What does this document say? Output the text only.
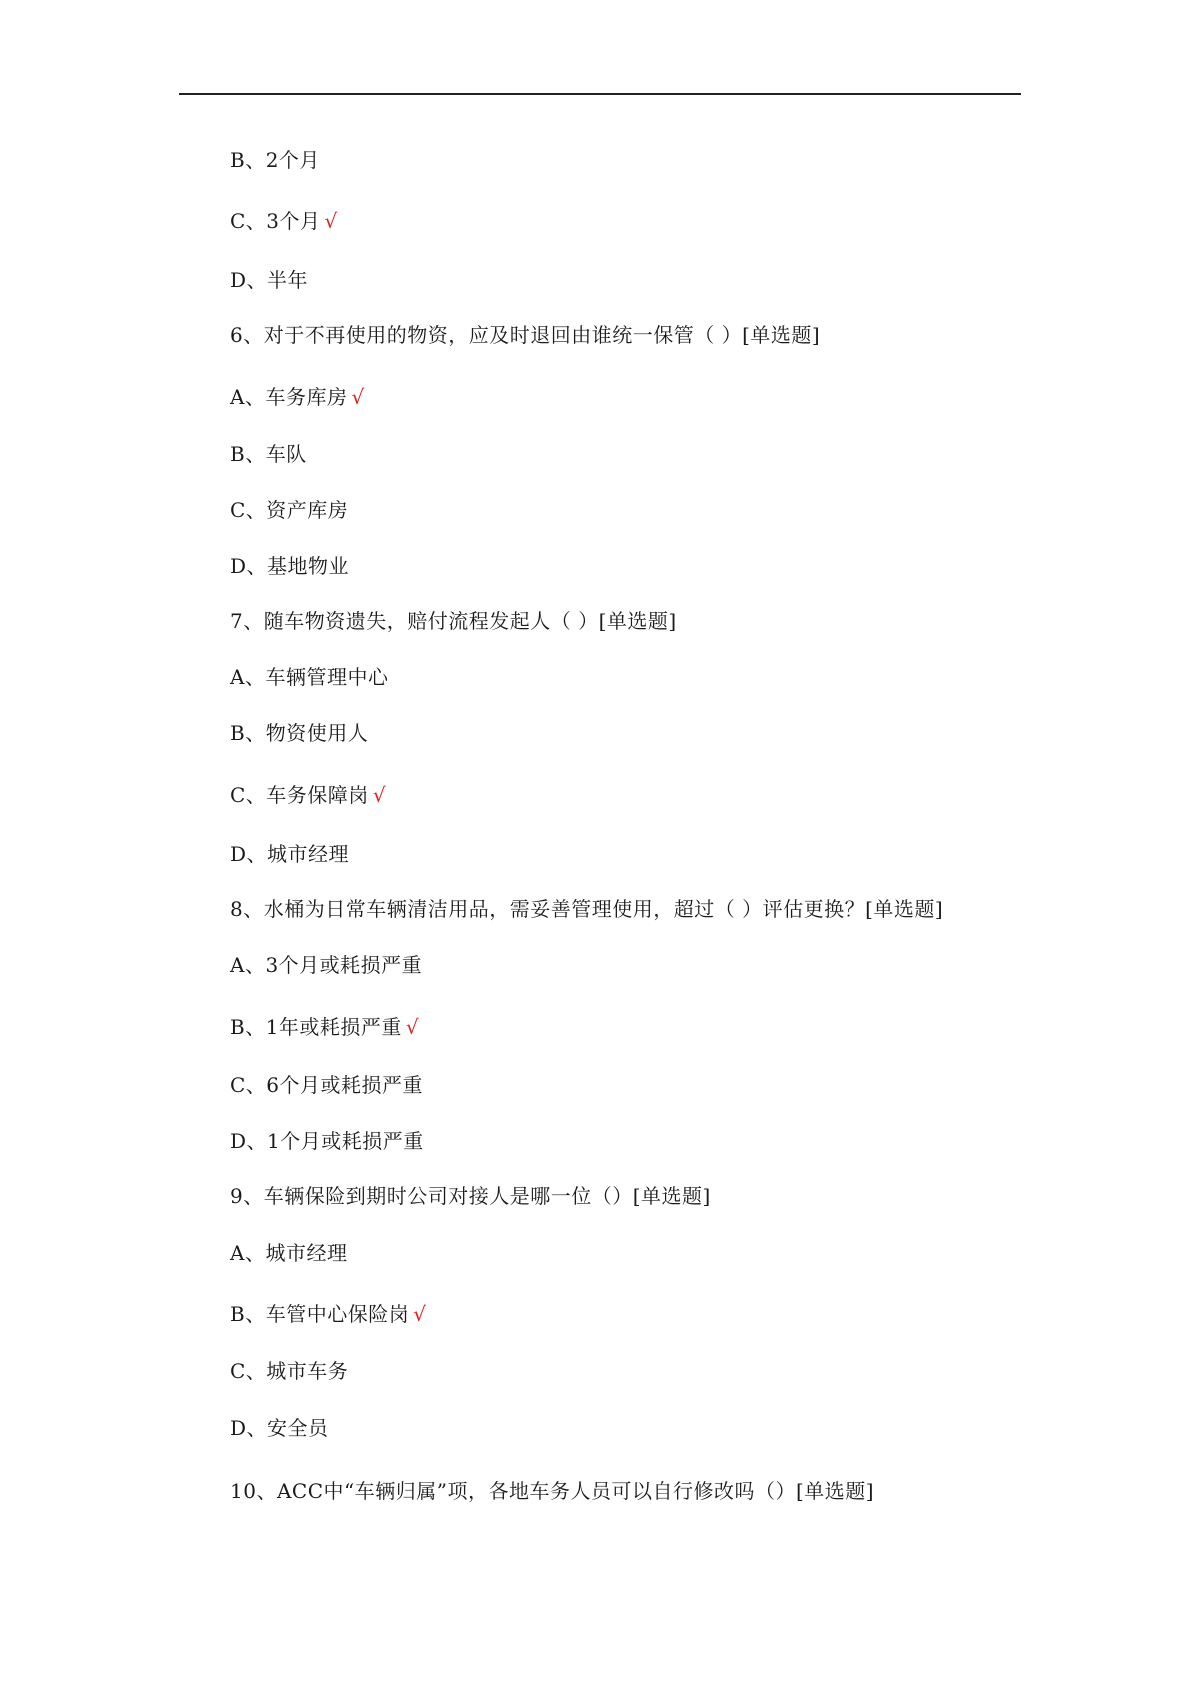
B、2个月
C、3个月 √
D、半年
6、对于不再使用的物资，应及时退回由谁统一保管（ ）[单选题]
A、车务库房 √
B、车队
C、资产库房
D、基地物业
7、随车物资遗失，赔付流程发起人（ ）[单选题]
A、车辆管理中心
B、物资使用人
C、车务保障岗 √
D、城市经理
8、水桶为日常车辆清洁用品，需妥善管理使用，超过（ ）评估更换？[单选题]
A、3个月或耗损严重
B、1年或耗损严重 √
C、6个月或耗损严重
D、1个月或耗损严重
9、车辆保险到期时公司对接人是哪一位（）[单选题]
A、城市经理
B、车管中心保险岗 √
C、城市车务
D、安全员
10、ACC中“车辆归属”项，各地车务人员可以自行修改吗（）[单选题]
